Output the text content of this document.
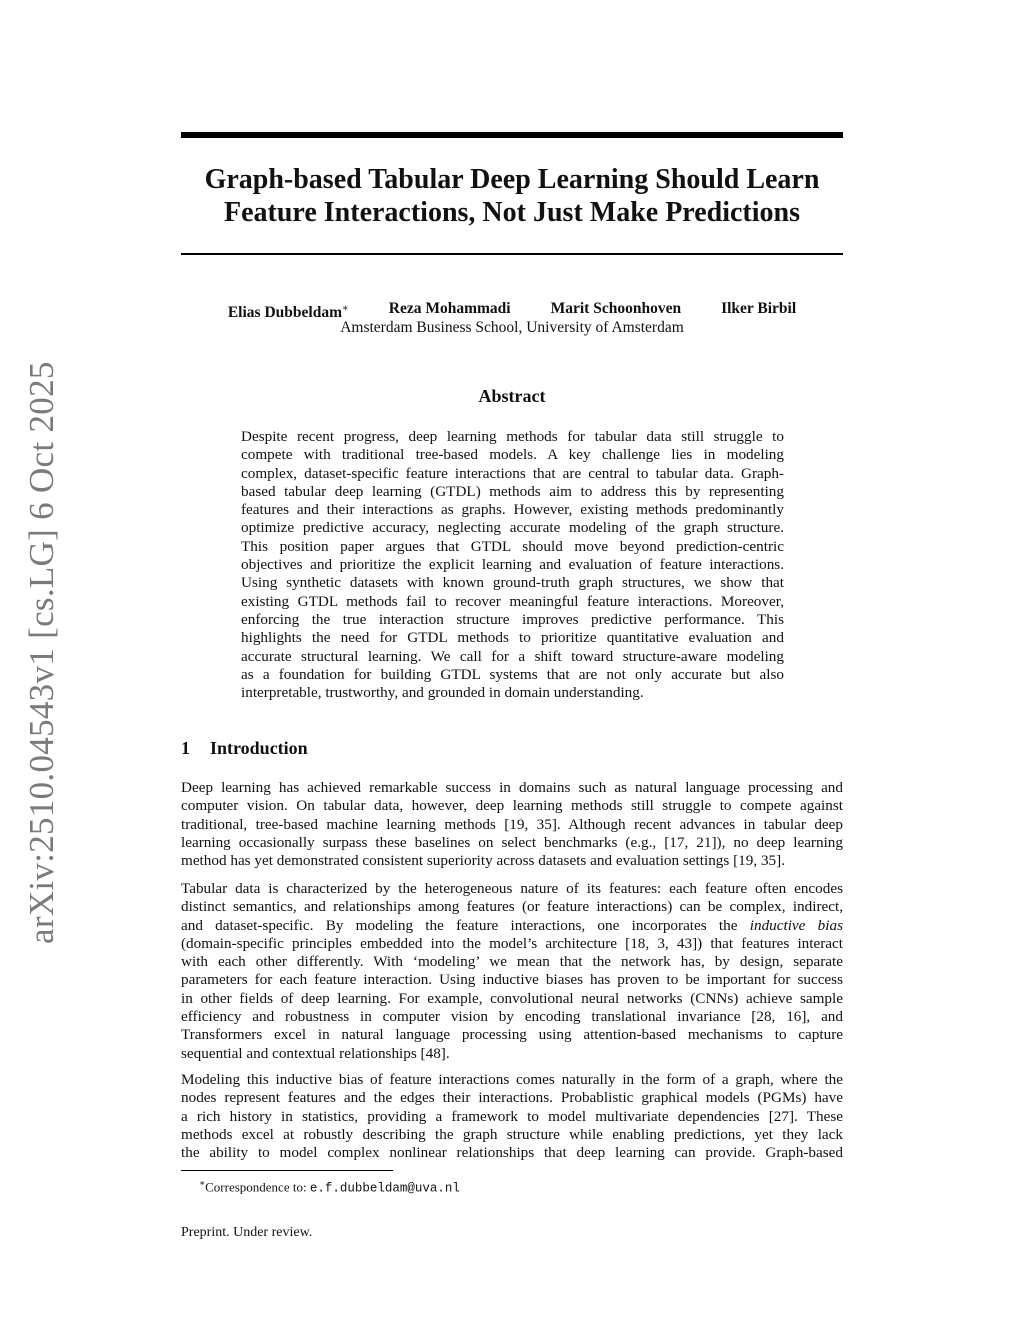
arXiv:2510.04543v1 [cs.LG] 6 Oct 2025
Graph-based Tabular Deep Learning Should Learn
Feature Interactions, Not Just Make Predictions
Elias Dubbeldam∗	Reza Mohammadi	Marit Schoonhoven	Ilker Birbil
Amsterdam Business School, University of Amsterdam
Abstract
Despite recent progress, deep learning methods for tabular data still struggle to
compete with traditional tree-based models. A key challenge lies in modeling
complex, dataset-specific feature interactions that are central to tabular data. Graph-
based tabular deep learning (GTDL) methods aim to address this by representing
features and their interactions as graphs. However, existing methods predominantly
optimize predictive accuracy, neglecting accurate modeling of the graph structure.
This position paper argues that GTDL should move beyond prediction-centric
objectives and prioritize the explicit learning and evaluation of feature interactions.
Using synthetic datasets with known ground-truth graph structures, we show that
existing GTDL methods fail to recover meaningful feature interactions. Moreover,
enforcing the true interaction structure improves predictive performance. This
highlights the need for GTDL methods to prioritize quantitative evaluation and
accurate structural learning. We call for a shift toward structure-aware modeling
as a foundation for building GTDL systems that are not only accurate but also
interpretable, trustworthy, and grounded in domain understanding.
1 Introduction
Deep learning has achieved remarkable success in domains such as natural language processing and
computer vision. On tabular data, however, deep learning methods still struggle to compete against
traditional, tree-based machine learning methods [19, 35]. Although recent advances in tabular deep
learning occasionally surpass these baselines on select benchmarks (e.g., [17, 21]), no deep learning
method has yet demonstrated consistent superiority across datasets and evaluation settings [19, 35].
Tabular data is characterized by the heterogeneous nature of its features: each feature often encodes
distinct semantics, and relationships among features (or feature interactions) can be complex, indirect,
and dataset-specific. By modeling the feature interactions, one incorporates the inductive bias
(domain-specific principles embedded into the model’s architecture [18, 3, 43]) that features interact
with each other differently. With ‘modeling’ we mean that the network has, by design, separate
parameters for each feature interaction. Using inductive biases has proven to be important for success
in other fields of deep learning. For example, convolutional neural networks (CNNs) achieve sample
efficiency and robustness in computer vision by encoding translational invariance [28, 16], and
Transformers excel in natural language processing using attention-based mechanisms to capture
sequential and contextual relationships [48].
Modeling this inductive bias of feature interactions comes naturally in the form of a graph, where the
nodes represent features and the edges their interactions. Probablistic graphical models (PGMs) have
a rich history in statistics, providing a framework to model multivariate dependencies [27]. These
methods excel at robustly describing the graph structure while enabling predictions, yet they lack
the ability to model complex nonlinear relationships that deep learning can provide. Graph-based
∗Correspondence to: e.f.dubbeldam@uva.nl
Preprint. Under review.
